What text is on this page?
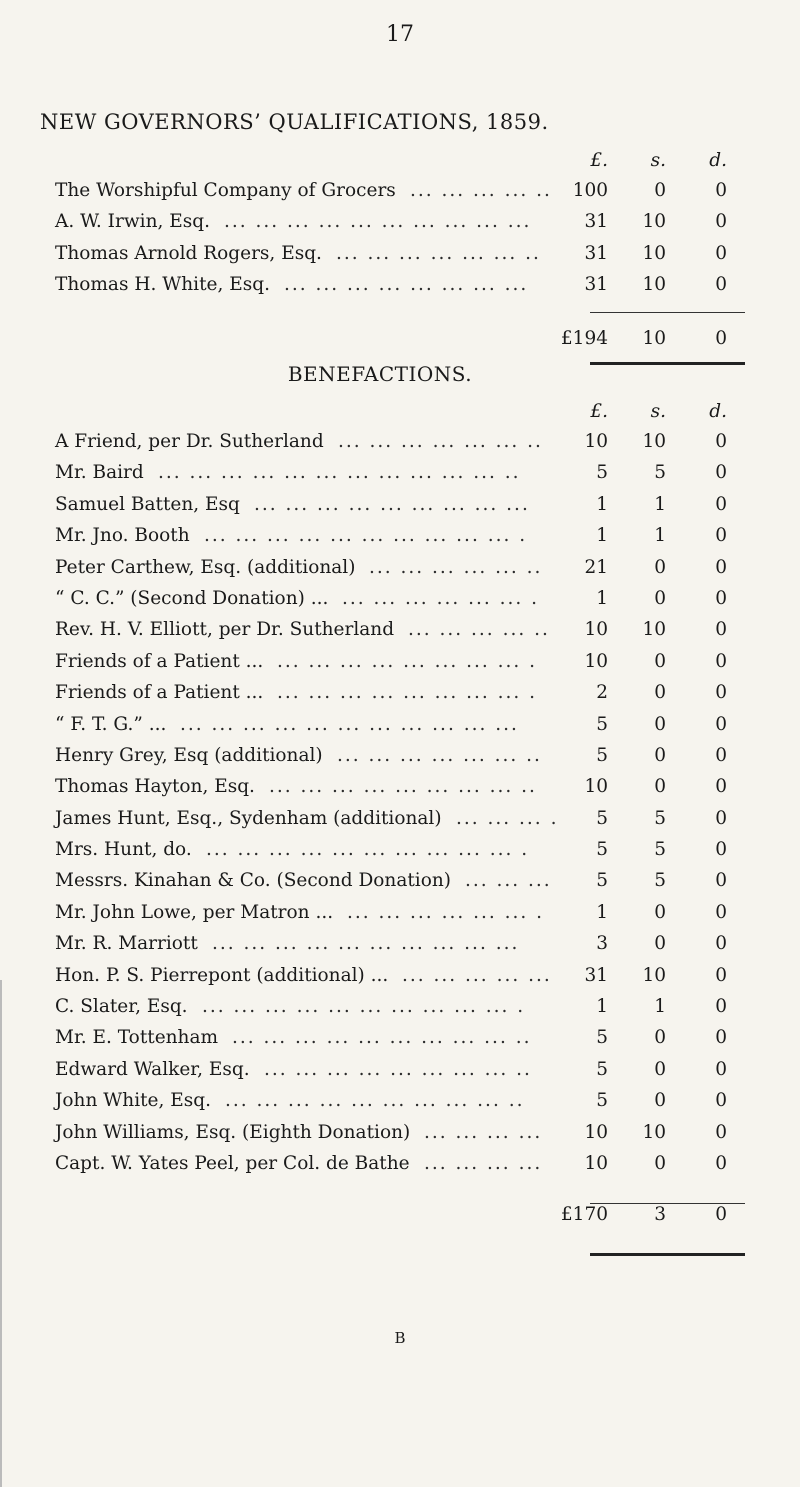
17
NEW GOVERNORS’ QUALIFICATIONS, 1859.
£. s. d.
... ... ... ... ..
The Worshipful Company of Grocers	100 0	0
... ... ... ... ... ... ... ... ... ...
A. W. Irwin, Esq.	31 10	0
... ... ... ... ... ... ..
Thomas Arnold Rogers, Esq.	31 10	0
... ... ... ... ... ... ... ...
Thomas H. White, Esq.	31 10	0
£194 10	0
BENEFACTIONS.
£. s. d.
... ... ... ... ... ... ..
A Friend, per Dr. Sutherland	10 10	0
... ... ... ... ... ... ... ... ... ... ... ..
Mr. Baird	5 5	0
... ... ... ... ... ... ... ... ...
Samuel Batten, Esq	1 1	0
... ... ... ... ... ... ... ... ... ... .
Mr. Jno. Booth	1 1	0
... ... ... ... ... ..
Peter Carthew, Esq. (additional)	21 0	0
... ... ... ... ... ... .
“ C. C.” (Second Donation) ...	1 0	0
... ... ... ... ..
Rev. H. V. Elliott, per Dr. Sutherland	10 10	0
... ... ... ... ... ... ... ... .
Friends of a Patient ...	10 0	0
... ... ... ... ... ... ... ... .
Friends of a Patient ...	2 0	0
... ... ... ... ... ... ... ... ... ... ...
“ F. T. G.” ...	5 0	0
... ... ... ... ... ... ..
Henry Grey, Esq (additional)	5 0	0
... ... ... ... ... ... ... ... ..
Thomas Hayton, Esq.	10 0	0
... ... ... .
James Hunt, Esq., Sydenham (additional)	5 5	0
... ... ... ... ... ... ... ... ... ... .
Mrs. Hunt, do.	5 5	0
... ... ...
Messrs. Kinahan & Co. (Second Donation)	5 5	0
... ... ... ... ... ... .
Mr. John Lowe, per Matron ...	1 0	0
... ... ... ... ... ... ... ... ... ...
Mr. R. Marriott	3 0	0
... ... ... ... ...
Hon. P. S. Pierrepont (additional) ...	31 10	0
... ... ... ... ... ... ... ... ... ... .
C. Slater, Esq.	1 1	0
... ... ... ... ... ... ... ... ... ..
Mr. E. Tottenham	5 0	0
... ... ... ... ... ... ... ... ..
Edward Walker, Esq.	5 0	0
... ... ... ... ... ... ... ... ... ..
John White, Esq.	5 0	0
... ... ... ...
John Williams, Esq. (Eighth Donation)	10 10	0
... ... ... ...
Capt. W. Yates Peel, per Col. de Bathe	10 0	0
£170 3	0
B
